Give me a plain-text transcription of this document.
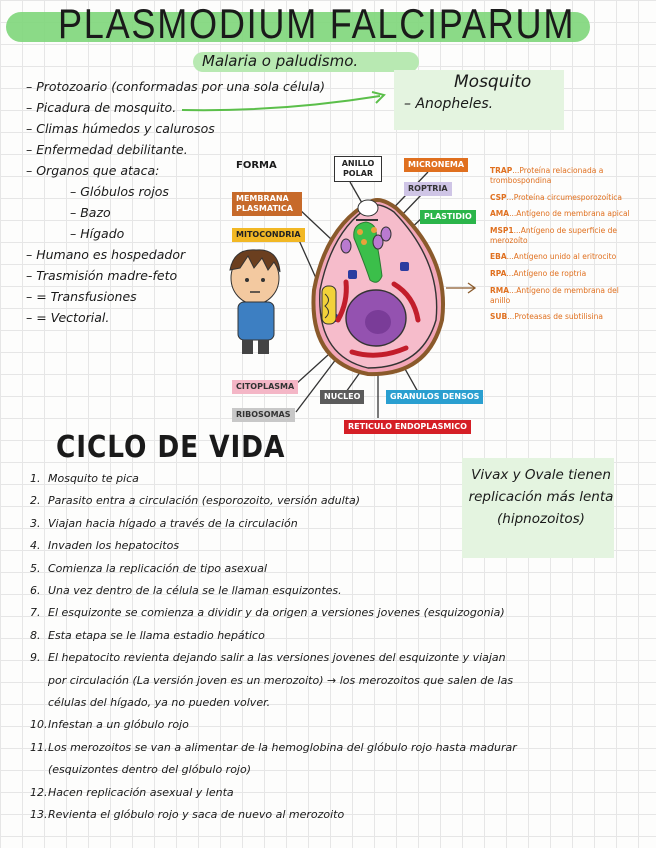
PLASMODIUM FALCIPARUM
Malaria o paludismo.
– Protozoario (conformadas por una sola célula)
– Picadura de mosquito.
– Climas húmedos y calurosos
– Enfermedad debilitante.
– Organos que ataca:
– Glóbulos rojos
– Bazo
– Hígado
– Humano es hospedador
– Trasmisión madre-feto
– = Transfusiones
– = Vectorial.
Mosquito
– Anopheles.
FORMA
MEMBRANA PLASMATICA
MITOCONDRIA
ANILLO POLAR
MICRONEMA
ROPTRIA
PLASTIDIO
CITOPLASMA
RIBOSOMAS
NUCLEO	GRANULOS DENSOS
RETICULO ENDOPLASMICO
TRAP...Proteína relacionada a trombospondina
CSP...Proteína circumesporozoítica
AMA...Antígeno de membrana apical
MSP1...Antígeno de superficie de merozoíto
EBA...Antígeno unido al eritrocito
RPA...Antígeno de roptria
RMA...Antígeno de membrana del anillo
SUB...Proteasas de subtilisina
CICLO DE VIDA
Vivax y Ovale tienen replicación más lenta (hipnozoitos)
1. Mosquito te pica
2. Parasito entra a circulación (esporozoito, versión adulta)
3. Viajan hacia hígado a través de la circulación
4. Invaden los hepatocitos
5. Comienza la replicación de tipo asexual
6. Una vez dentro de la célula se le llaman esquizontes.
7. El esquizonte se comienza a dividir y da origen a versiones jovenes (esquizogonia)
8. Esta etapa se le llama estadio hepático
9. El hepatocito revienta dejando salir a las versiones jovenes del esquizonte y viajan
por circulación (La versión joven es un merozoito) → los merozoitos que salen de las
células del hígado, ya no pueden volver.
10. Infestan a un glóbulo rojo
11. Los merozoitos se van a alimentar de la hemoglobina del glóbulo rojo hasta madurar
(esquizontes dentro del glóbulo rojo)
12. Hacen replicación asexual y lenta
13. Revienta el glóbulo rojo y saca de nuevo al merozoito
